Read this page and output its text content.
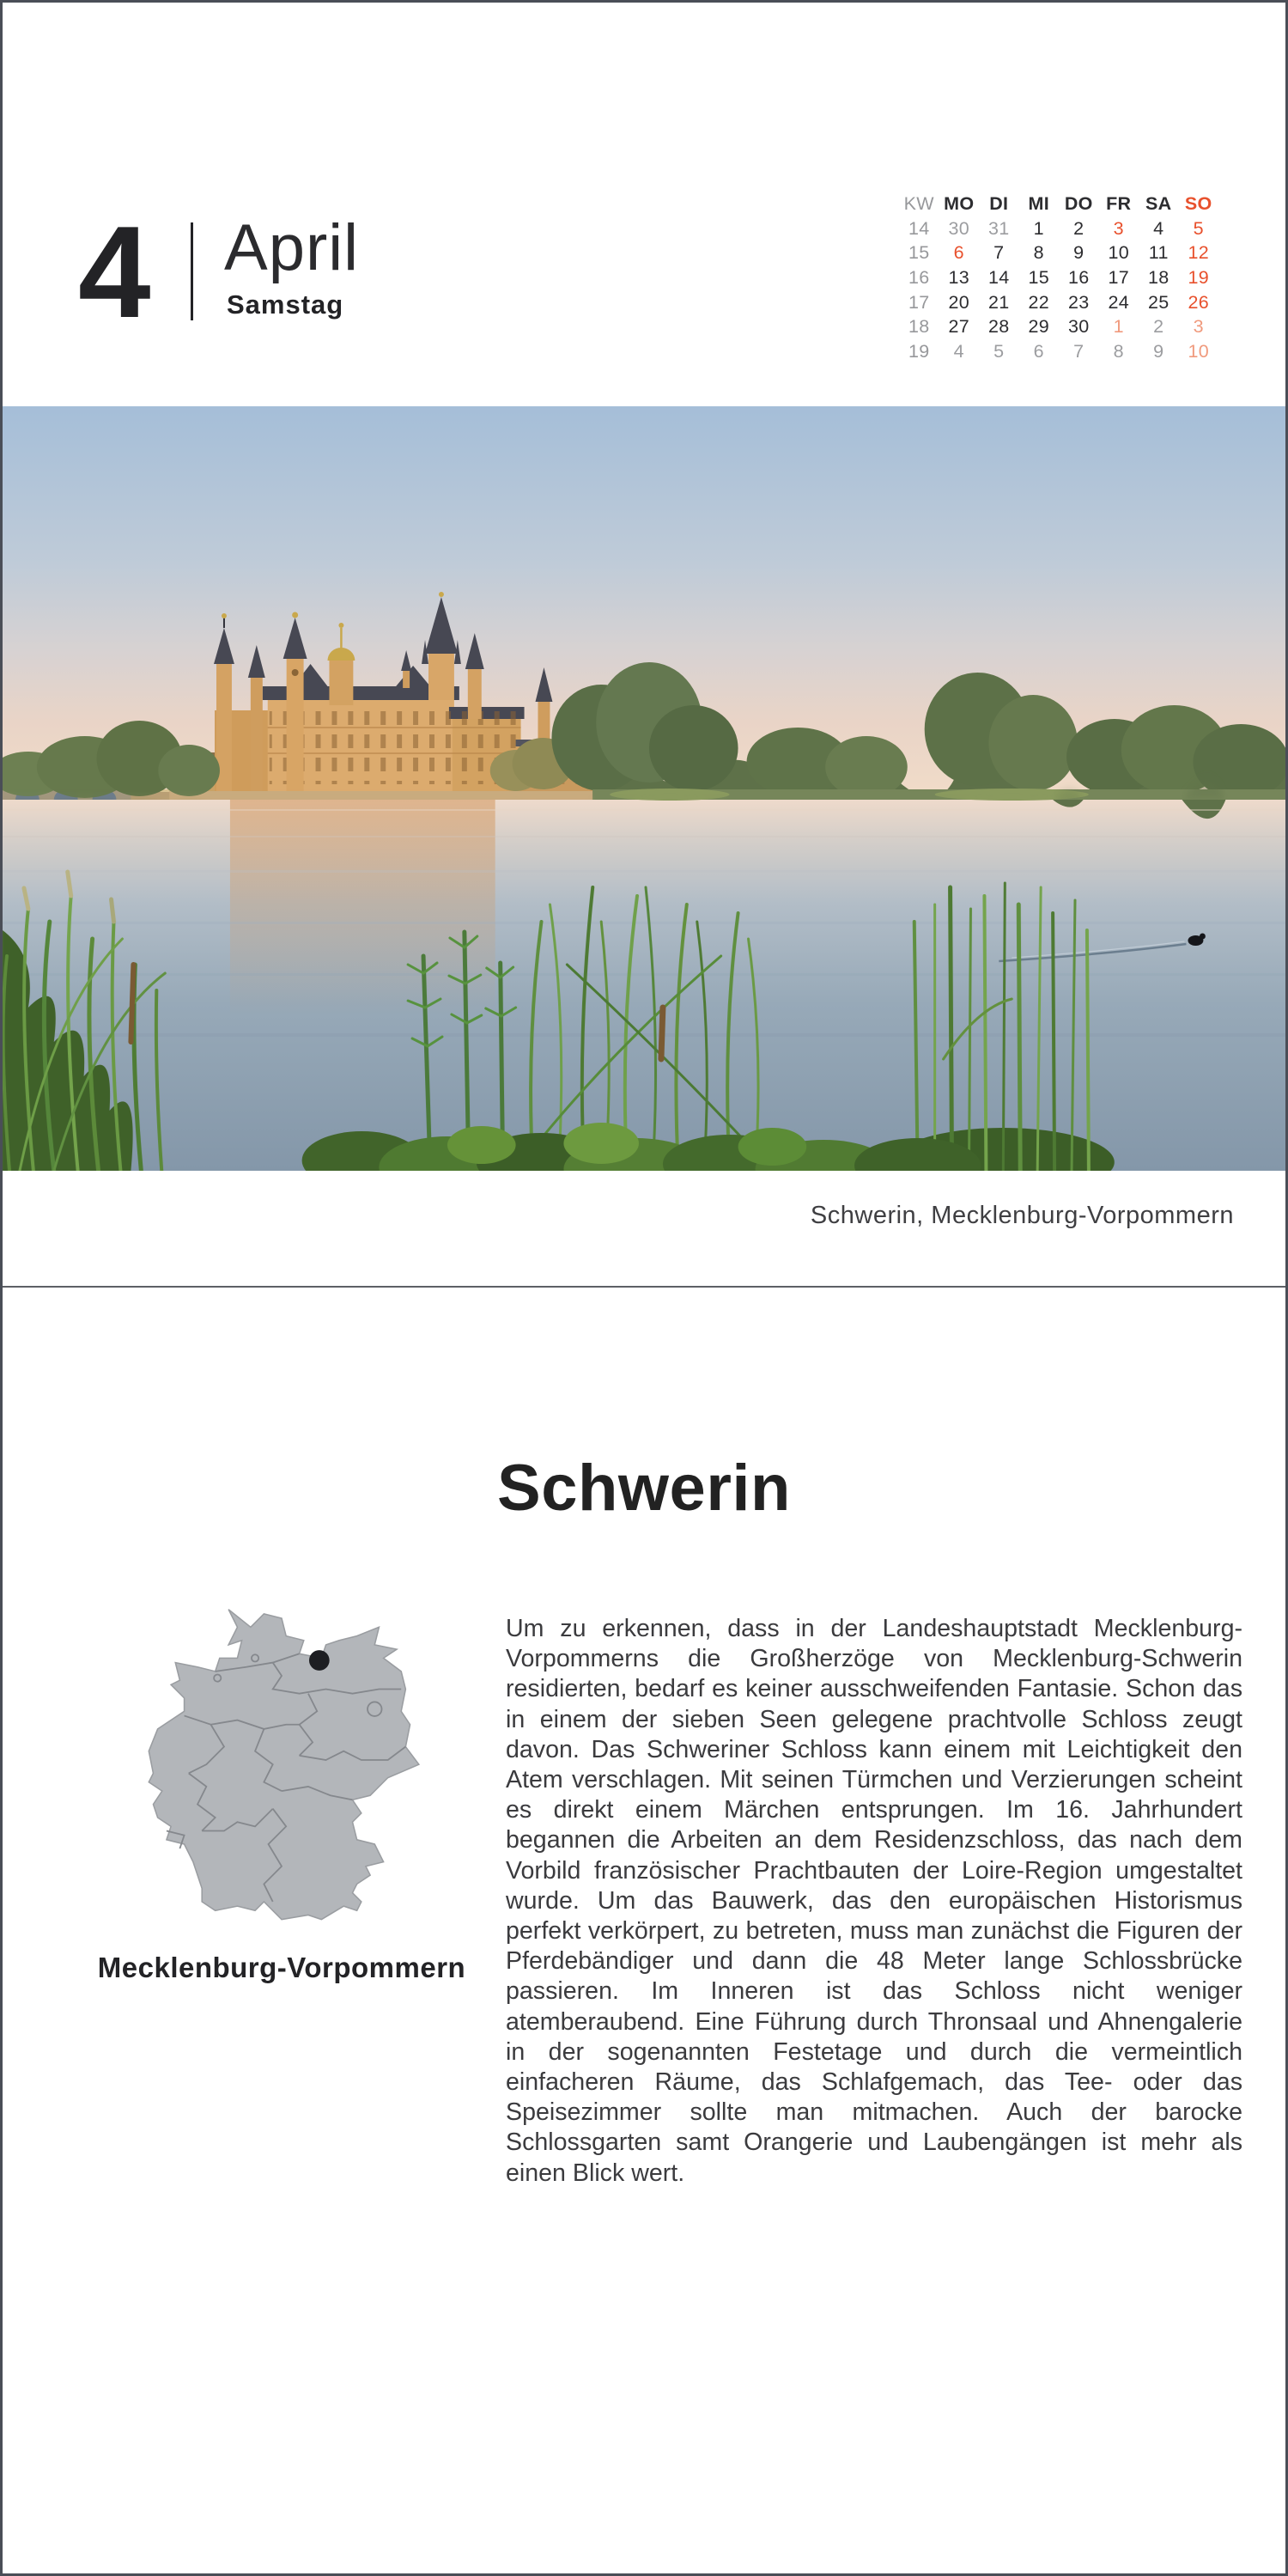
4 April
Samstag
KW MO DI	MI DO FR SA SO
14	30	31	1	2	3	4	5
15	6	7	8	9	10	11	12
16	13	14	15	16	17	18	19
17	20	21	22	23	24	25	26
18	27	28	29	30	1	2	3
19	4	5	6	7	8	9	10
Schwerin, Mecklenburg-Vorpommern
Schwerin
Mecklenburg-Vorpommern
Um zu erkennen, dass in der Landeshauptstadt Mecklenburg-Vorpommerns die Großherzöge von Mecklenburg-Schwerin residierten, bedarf es keiner ausschweifenden Fantasie. Schon das in einem der sieben Seen gelegene prachtvolle Schloss zeugt davon. Das Schweriner Schloss kann einem mit Leichtigkeit den Atem verschlagen. Mit seinen Türmchen und Verzierungen scheint es direkt einem Märchen entsprungen. Im 16. Jahrhundert begannen die Arbeiten an dem Residenzschloss, das nach dem Vorbild französischer Prachtbauten der Loire-Region umgestaltet wurde. Um das Bauwerk, das den europäischen Historismus perfekt verkörpert, zu betreten, muss man zunächst die Figuren der Pferdebändiger und dann die 48 Meter lange Schlossbrücke passieren. Im Inneren ist das Schloss nicht weniger atemberaubend. Eine Führung durch Thronsaal und Ahnengalerie in der sogenannten Festetage und durch die vermeintlich einfacheren Räume, das Schlafgemach, das Tee- oder das Speisezimmer sollte man mitmachen. Auch der barocke Schlossgarten samt Orangerie und Laubengängen ist mehr als einen Blick wert.
